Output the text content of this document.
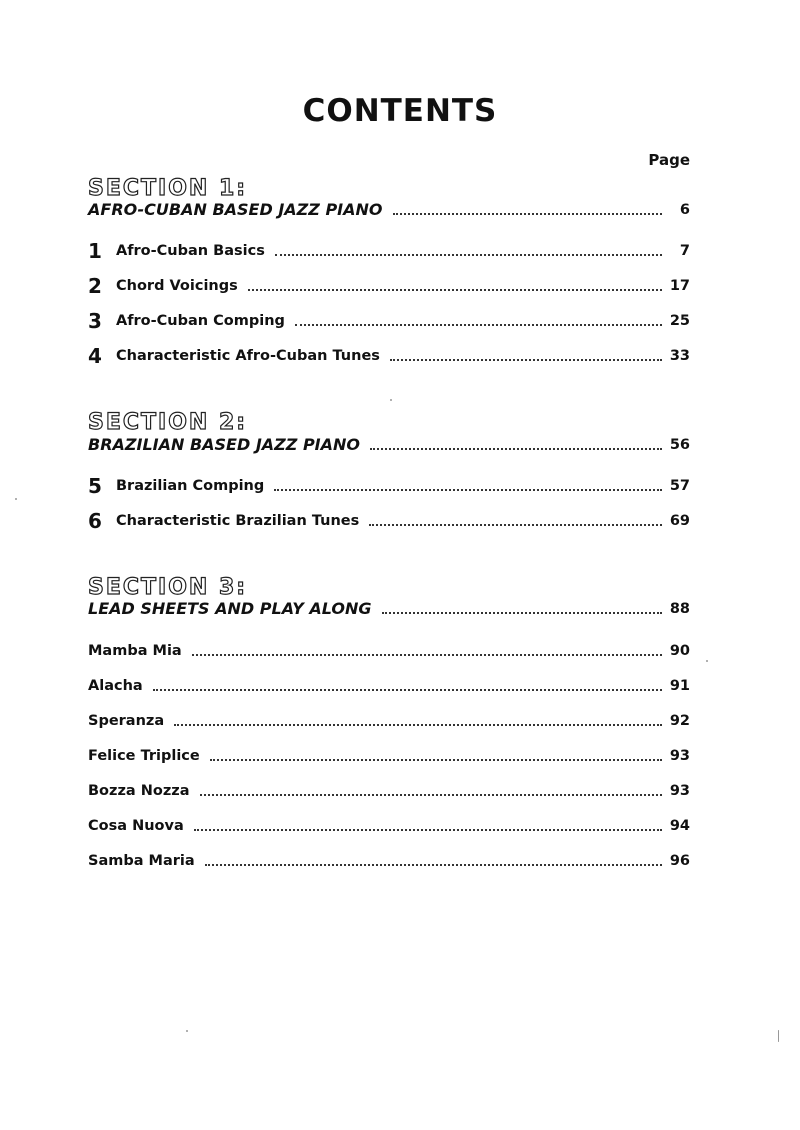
CONTENTS
Page
SECTION 1:
AFRO-CUBAN BASED JAZZ PIANO	6
1 Afro-Cuban Basics	7
2 Chord Voicings	17
3 Afro-Cuban Comping	25
4 Characteristic Afro-Cuban Tunes	33
SECTION 2:
BRAZILIAN BASED JAZZ PIANO	56
5 Brazilian Comping	57
6 Characteristic Brazilian Tunes	69
SECTION 3:
LEAD SHEETS AND PLAY ALONG	88
Mamba Mia	90
Alacha	91
Speranza	92
Felice Triplice	93
Bozza Nozza	93
Cosa Nuova	94
Samba Maria	96
